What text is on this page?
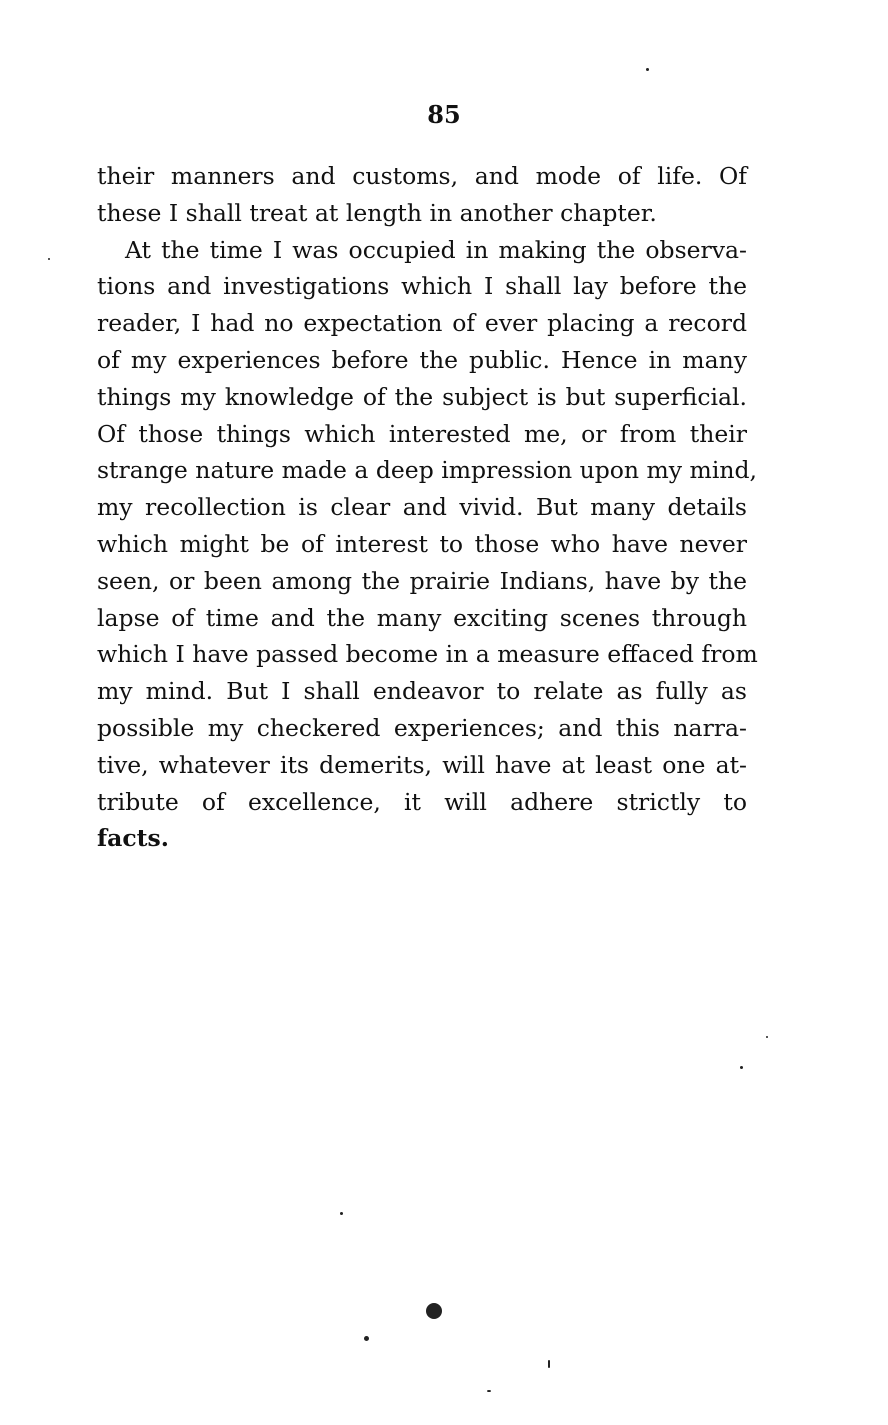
85
their manners and customs, and mode of life. Of
these I shall treat at length in another chapter.
At the time I was occupied in making the observa-
tions and investigations which I shall lay before the
reader, I had no expectation of ever placing a record
of my experiences before the public. Hence in many
things my knowledge of the subject is but superficial.
Of those things which interested me, or from their
strange nature made a deep impression upon my mind,
my recollection is clear and vivid. But many details
which might be of interest to those who have never
seen, or been among the prairie Indians, have by the
lapse of time and the many exciting scenes through
which I have passed become in a measure effaced from
my mind. But I shall endeavor to relate as fully as
possible my checkered experiences; and this narra-
tive, whatever its demerits, will have at least one at-
tribute of excellence, it will adhere strictly to
facts.
